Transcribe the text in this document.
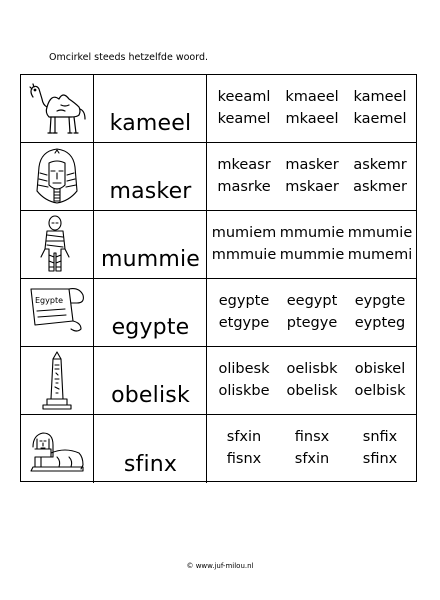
Omcirkel steeds hetzelfde woord.
kameel
keeaml	kmaeel	kameel
keamel	mkaeel	kaemel
masker
mkeasr	masker	askemr
masrke	mskaer askmer
mummie
mumiem mmumie mmumie
mmmuie mummie mumemi
Egypte
egypte
egypte	eegypt	eypgte
etgype	ptegye	eypteg
obelisk
olibesk	oelisbk	obiskel
oliskbe	obelisk	oelbisk
sfinx
sfxin	finsx	snfix
fisnx	sfxin	sfinx
© www.juf-milou.nl
